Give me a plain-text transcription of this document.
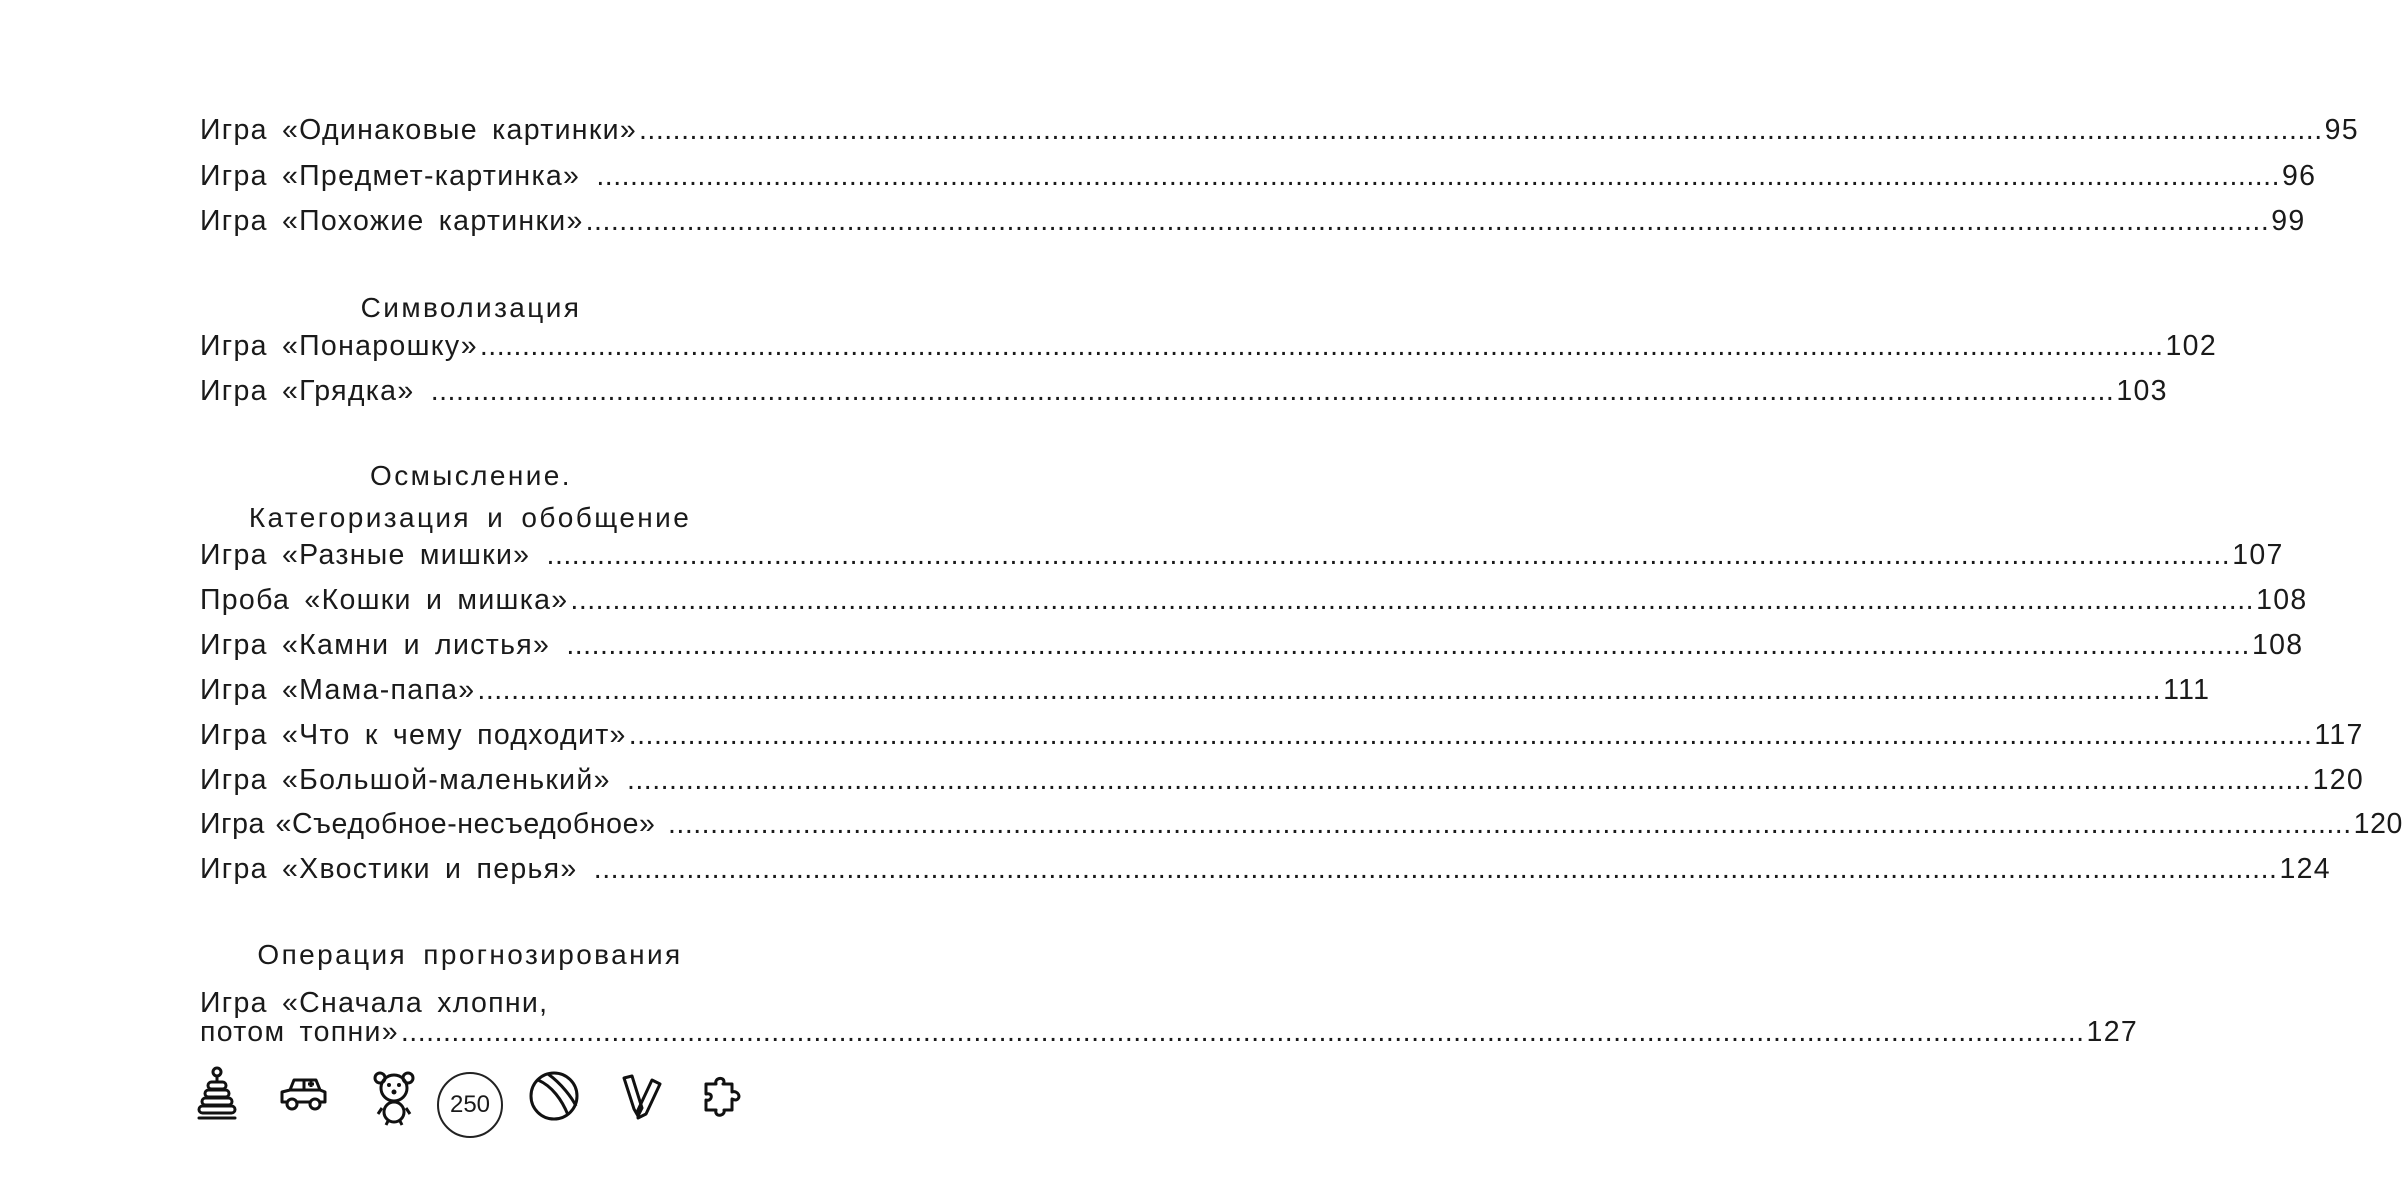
Игра «Одинаковые картинки» ........................................................................................................................................................................................................ 95
Игра «Предмет-картинка» ........................................................................................................................................................................................................ 96
Игра «Похожие картинки» ........................................................................................................................................................................................................ 99
Игра «Понарошку» ........................................................................................................................................................................................................ 102
Игра «Грядка» ........................................................................................................................................................................................................ 103
Игра «Разные мишки» ........................................................................................................................................................................................................ 107
Проба «Кошки и мишка» ........................................................................................................................................................................................................ 108
Игра «Камни и листья» ........................................................................................................................................................................................................ 108
Игра «Мама-папа» ........................................................................................................................................................................................................ 111
Игра «Что к чему подходит» ........................................................................................................................................................................................................ 117
Игра «Большой-маленький» ........................................................................................................................................................................................................ 120
Игра «Съедобное-несъедобное» ........................................................................................................................................................................................................ 120
Игра «Хвостики и перья» ........................................................................................................................................................................................................ 124
Игра «Сначала хлопни,
потом топни» ........................................................................................................................................................................................................ 127
Символизация
Осмысление.
Категоризация и обобщение
Операция прогнозирования
250
